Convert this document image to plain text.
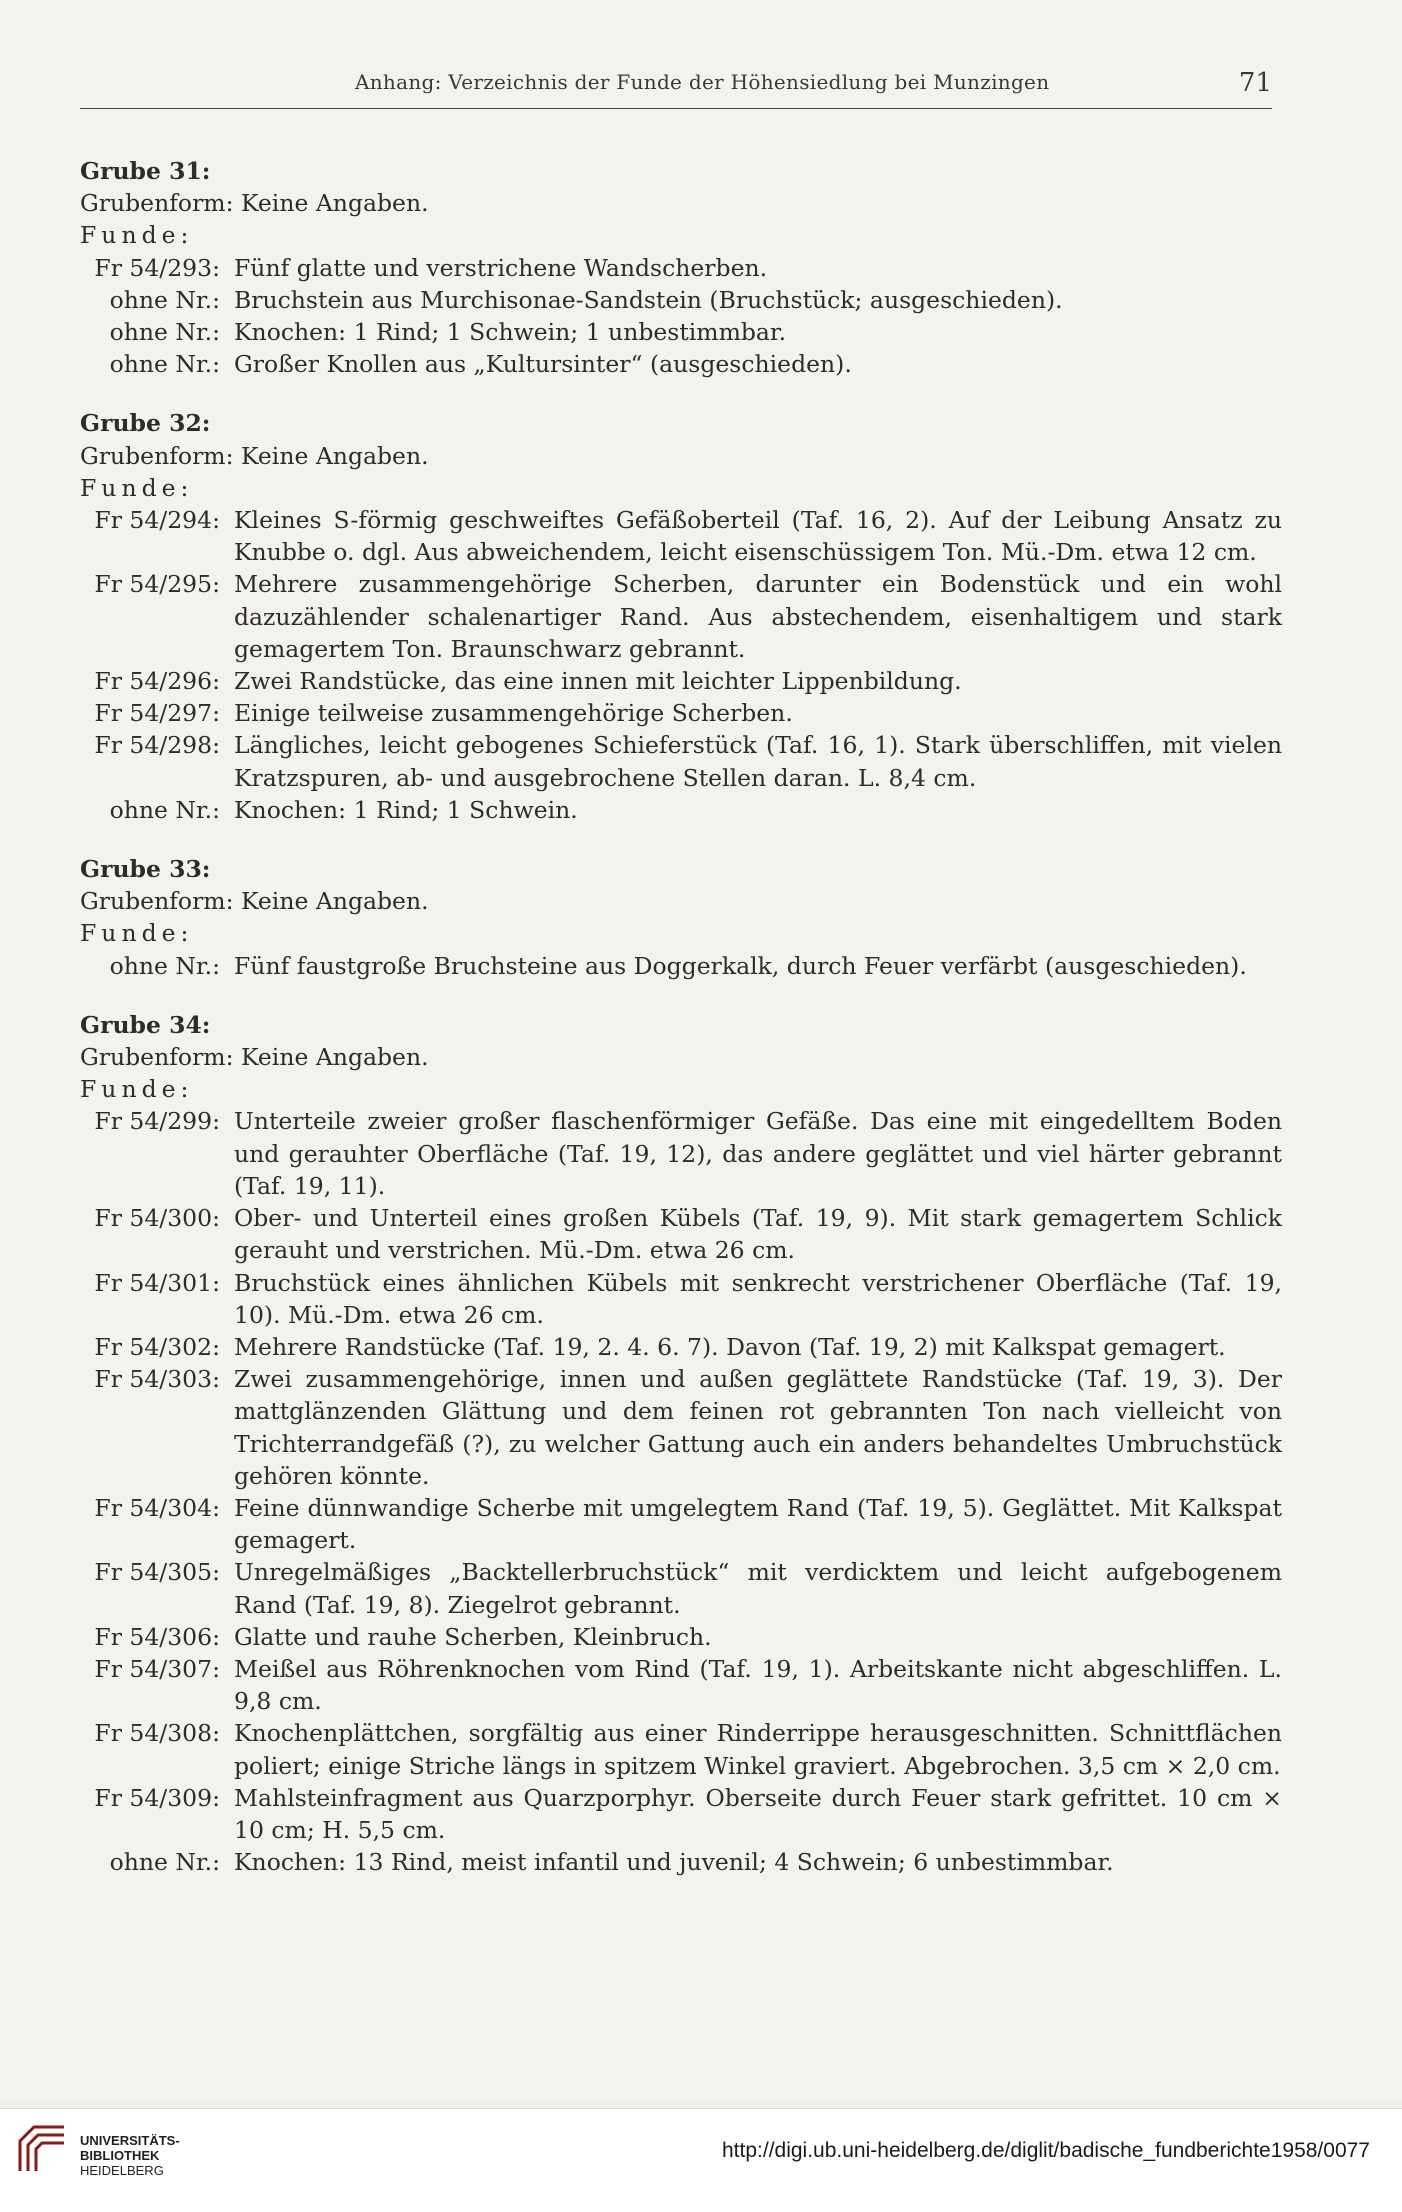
Anhang: Verzeichnis der Funde der Höhensiedlung bei Munzingen	71
Grube 31:
Grubenform: Keine Angaben.
Funde:
Fr 54/293: Fünf glatte und verstrichene Wandscherben.
ohne Nr.: Bruchstein aus Murchisonae-Sandstein (Bruchstück; ausgeschieden).
ohne Nr.: Knochen: 1 Rind; 1 Schwein; 1 unbestimmbar.
ohne Nr.: Großer Knollen aus „Kultursinter“ (ausgeschieden).
Grube 32:
Grubenform: Keine Angaben.
Funde:
Fr 54/294: Kleines S-förmig geschweiftes Gefäßoberteil (Taf. 16, 2). Auf der Leibung Ansatz zu Knubbe o. dgl. Aus abweichendem, leicht eisenschüssigem Ton. Mü.-Dm. etwa 12 cm.
Fr 54/295: Mehrere zusammengehörige Scherben, darunter ein Bodenstück und ein wohl dazuzählender schalenartiger Rand. Aus abstechendem, eisenhaltigem und stark gemagertem Ton. Braunschwarz gebrannt.
Fr 54/296: Zwei Randstücke, das eine innen mit leichter Lippenbildung.
Fr 54/297: Einige teilweise zusammengehörige Scherben.
Fr 54/298: Längliches, leicht gebogenes Schieferstück (Taf. 16, 1). Stark überschliffen, mit vielen Kratzspuren, ab- und ausgebrochene Stellen daran. L. 8,4 cm.
ohne Nr.: Knochen: 1 Rind; 1 Schwein.
Grube 33:
Grubenform: Keine Angaben.
Funde:
ohne Nr.: Fünf faustgroße Bruchsteine aus Doggerkalk, durch Feuer verfärbt (ausgeschieden).
Grube 34:
Grubenform: Keine Angaben.
Funde:
Fr 54/299: Unterteile zweier großer flaschenförmiger Gefäße. Das eine mit eingedelltem Boden und gerauhter Oberfläche (Taf. 19, 12), das andere geglättet und viel härter gebrannt (Taf. 19, 11).
Fr 54/300: Ober- und Unterteil eines großen Kübels (Taf. 19, 9). Mit stark gemagertem Schlick gerauht und verstrichen. Mü.-Dm. etwa 26 cm.
Fr 54/301: Bruchstück eines ähnlichen Kübels mit senkrecht verstrichener Oberfläche (Taf. 19, 10). Mü.-Dm. etwa 26 cm.
Fr 54/302: Mehrere Randstücke (Taf. 19, 2. 4. 6. 7). Davon (Taf. 19, 2) mit Kalkspat gemagert.
Fr 54/303: Zwei zusammengehörige, innen und außen geglättete Randstücke (Taf. 19, 3). Der mattglänzenden Glättung und dem feinen rot gebrannten Ton nach vielleicht von Trichterrandgefäß (?), zu welcher Gattung auch ein anders behandeltes Umbruchstück gehören könnte.
Fr 54/304: Feine dünnwandige Scherbe mit umgelegtem Rand (Taf. 19, 5). Geglättet. Mit Kalkspat gemagert.
Fr 54/305: Unregelmäßiges „Backtellerbruchstück“ mit verdicktem und leicht aufgebogenem Rand (Taf. 19, 8). Ziegelrot gebrannt.
Fr 54/306: Glatte und rauhe Scherben, Kleinbruch.
Fr 54/307: Meißel aus Röhrenknochen vom Rind (Taf. 19, 1). Arbeitskante nicht abgeschliffen. L. 9,8 cm.
Fr 54/308: Knochenplättchen, sorgfältig aus einer Rinderrippe herausgeschnitten. Schnittflächen poliert; einige Striche längs in spitzem Winkel graviert. Abgebrochen. 3,5 cm × 2,0 cm.
Fr 54/309: Mahlsteinfragment aus Quarzporphyr. Oberseite durch Feuer stark gefrittet. 10 cm × 10 cm; H. 5,5 cm.
ohne Nr.: Knochen: 13 Rind, meist infantil und juvenil; 4 Schwein; 6 unbestimmbar.
UNIVERSITÄTS-
BIBLIOTHEK
HEIDELBERG
http://digi.ub.uni-heidelberg.de/diglit/badische_fundberichte1958/0077
